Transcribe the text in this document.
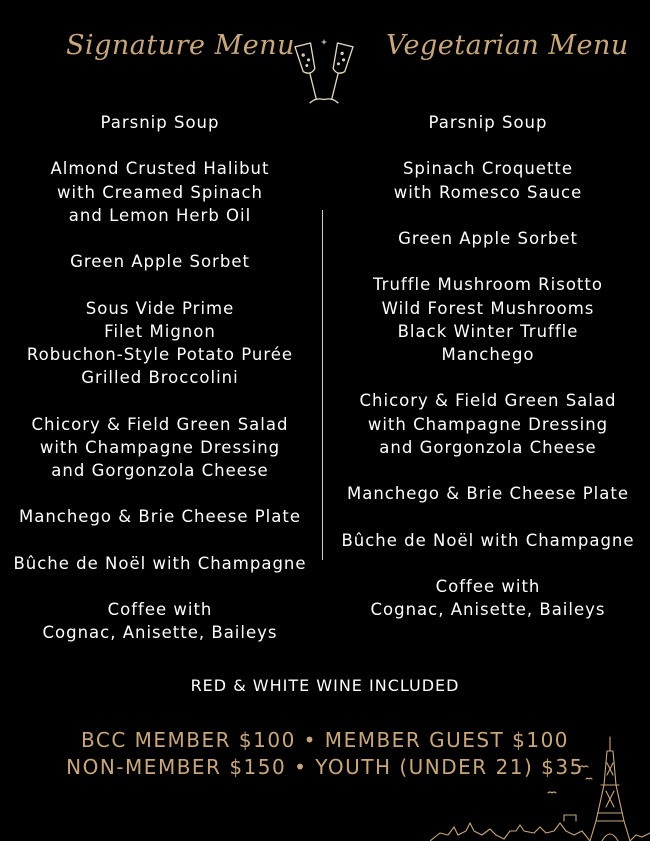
Signature Menu	Vegetarian Menu
Parsnip Soup
Almond Crusted Halibut
with Creamed Spinach
and Lemon Herb Oil
Green Apple Sorbet
Sous Vide Prime
Filet Mignon
Robuchon-Style Potato Purée
Grilled Broccolini
Chicory & Field Green Salad
with Champagne Dressing
and Gorgonzola Cheese
Manchego & Brie Cheese Plate
Bûche de Noël with Champagne
Coffee with
Cognac, Anisette, Baileys
Parsnip Soup
Spinach Croquette
with Romesco Sauce
Green Apple Sorbet
Truffle Mushroom Risotto
Wild Forest Mushrooms
Black Winter Truffle
Manchego
Chicory & Field Green Salad
with Champagne Dressing
and Gorgonzola Cheese
Manchego & Brie Cheese Plate
Bûche de Noël with Champagne
Coffee with
Cognac, Anisette, Baileys
RED & WHITE WINE INCLUDED
BCC MEMBER $100 • MEMBER GUEST $100
NON-MEMBER $150 • YOUTH (UNDER 21) $35
